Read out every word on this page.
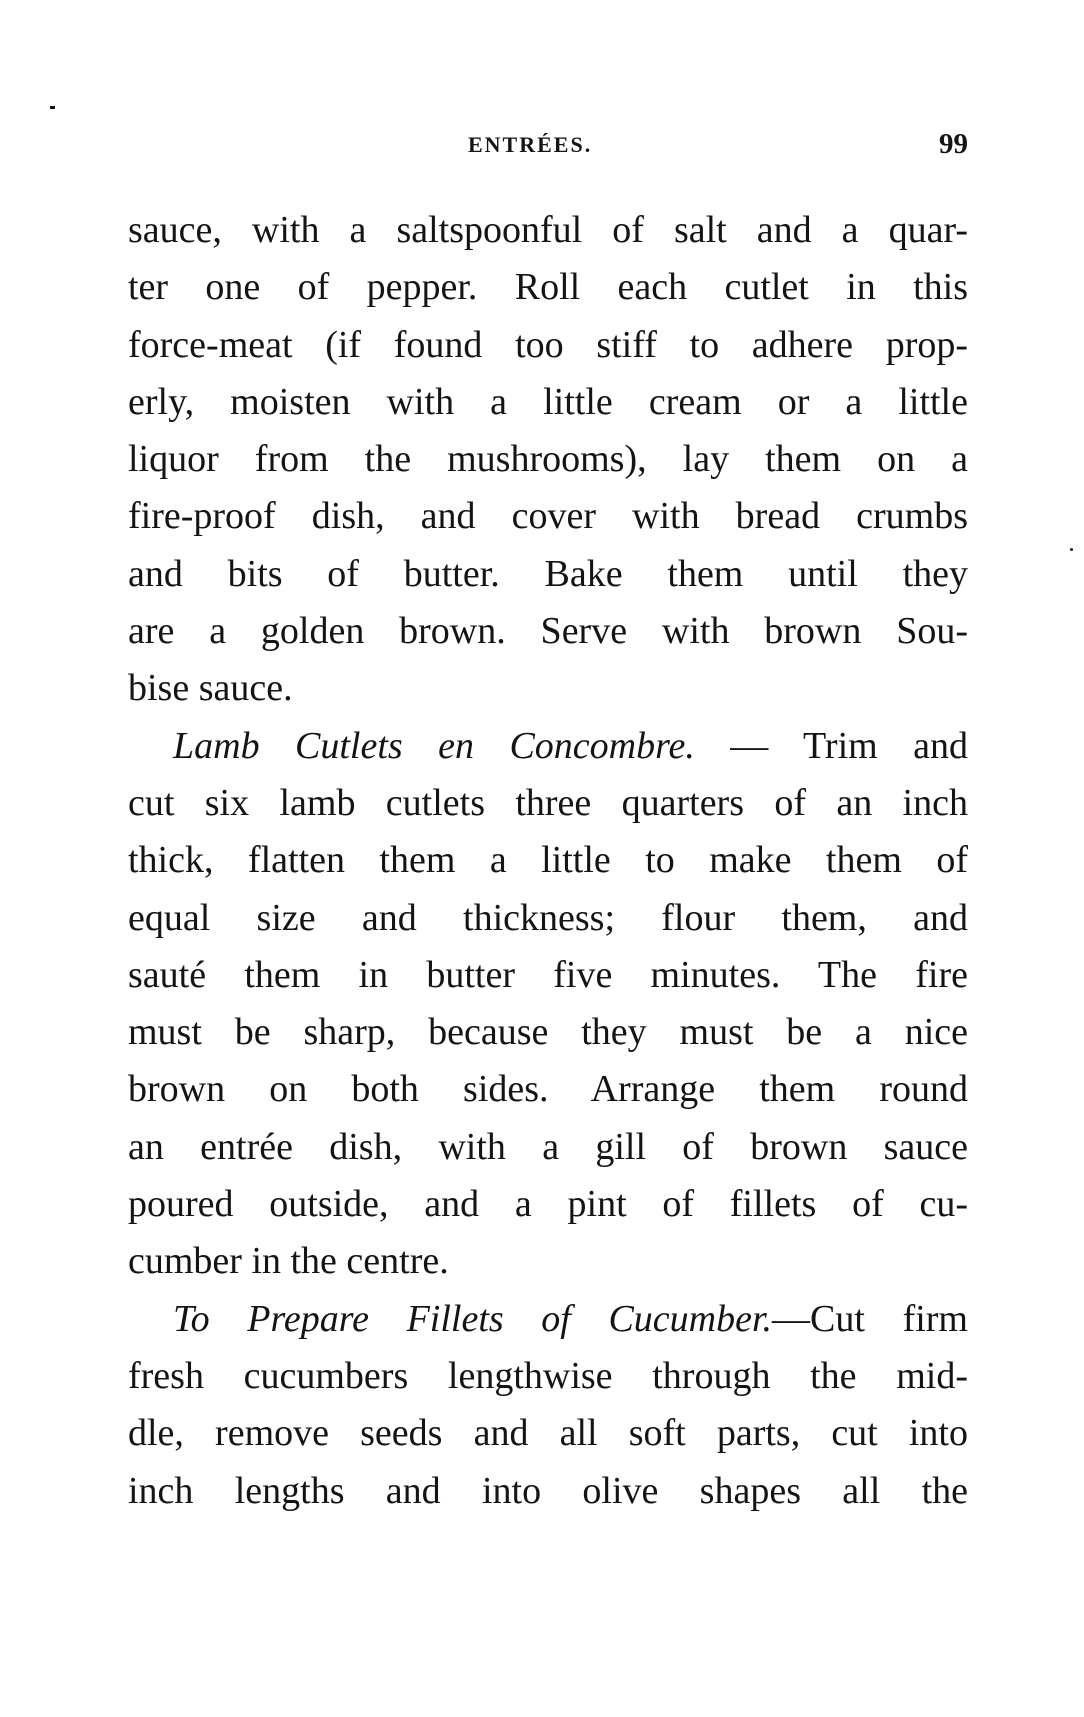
ENTRÉES.	99
sauce, with a saltspoonful of salt and a quar-
ter one of pepper. Roll each cutlet in this
force-meat (if found too stiff to adhere prop-
erly, moisten with a little cream or a little
liquor from the mushrooms), lay them on a
fire-proof dish, and cover with bread crumbs
and bits of butter. Bake them until they
are a golden brown. Serve with brown Sou-
bise sauce.
Lamb Cutlets en Concombre. — Trim and
cut six lamb cutlets three quarters of an inch
thick, flatten them a little to make them of
equal size and thickness; flour them, and
sauté them in butter five minutes. The fire
must be sharp, because they must be a nice
brown on both sides. Arrange them round
an entrée dish, with a gill of brown sauce
poured outside, and a pint of fillets of cu-
cumber in the centre.
To Prepare Fillets of Cucumber.—Cut firm
fresh cucumbers lengthwise through the mid-
dle, remove seeds and all soft parts, cut into
inch lengths and into olive shapes all the
